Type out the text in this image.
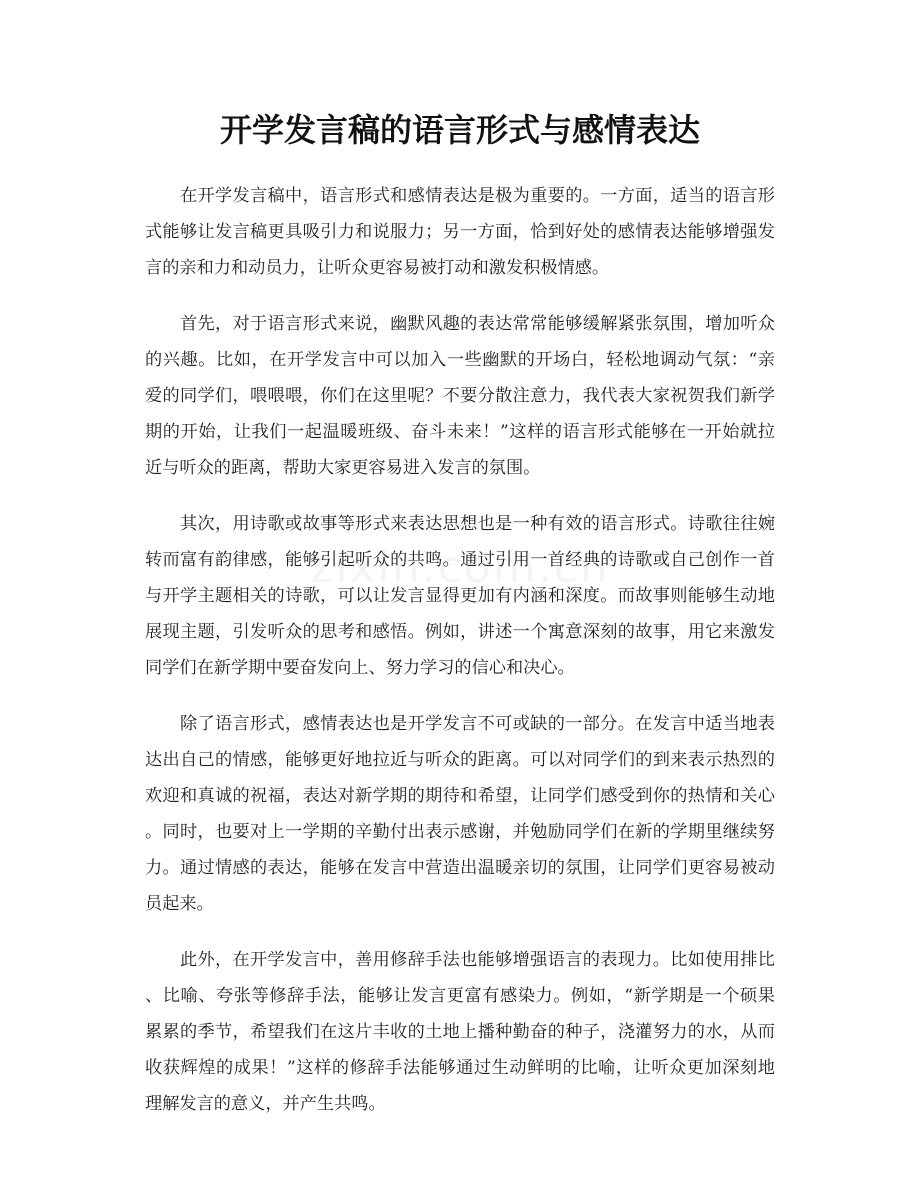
开学发言稿的语言形式与感情表达
在开学发言稿中，语言形式和感情表达是极为重要的。一方面，适当的语言形
式能够让发言稿更具吸引力和说服力；另一方面，恰到好处的感情表达能够增强发
言的亲和力和动员力，让听众更容易被打动和激发积极情感。
首先，对于语言形式来说，幽默风趣的表达常常能够缓解紧张氛围，增加听众
的兴趣。比如，在开学发言中可以加入一些幽默的开场白，轻松地调动气氛：“亲
爱的同学们，喂喂喂，你们在这里呢？不要分散注意力，我代表大家祝贺我们新学
期的开始，让我们一起温暖班级、奋斗未来！”这样的语言形式能够在一开始就拉
近与听众的距离，帮助大家更容易进入发言的氛围。
其次，用诗歌或故事等形式来表达思想也是一种有效的语言形式。诗歌往往婉
转而富有韵律感，能够引起听众的共鸣。通过引用一首经典的诗歌或自己创作一首
与开学主题相关的诗歌，可以让发言显得更加有内涵和深度。而故事则能够生动地
展现主题，引发听众的思考和感悟。例如，讲述一个寓意深刻的故事，用它来激发
同学们在新学期中要奋发向上、努力学习的信心和决心。
除了语言形式，感情表达也是开学发言不可或缺的一部分。在发言中适当地表
达出自己的情感，能够更好地拉近与听众的距离。可以对同学们的到来表示热烈的
欢迎和真诚的祝福，表达对新学期的期待和希望，让同学们感受到你的热情和关心
。同时，也要对上一学期的辛勤付出表示感谢，并勉励同学们在新的学期里继续努
力。通过情感的表达，能够在发言中营造出温暖亲切的氛围，让同学们更容易被动
员起来。
此外，在开学发言中，善用修辞手法也能够增强语言的表现力。比如使用排比
、比喻、夸张等修辞手法，能够让发言更富有感染力。例如，“新学期是一个硕果
累累的季节，希望我们在这片丰收的土地上播种勤奋的种子，浇灌努力的水，从而
收获辉煌的成果！”这样的修辞手法能够通过生动鲜明的比喻，让听众更加深刻地
理解发言的意义，并产生共鸣。
